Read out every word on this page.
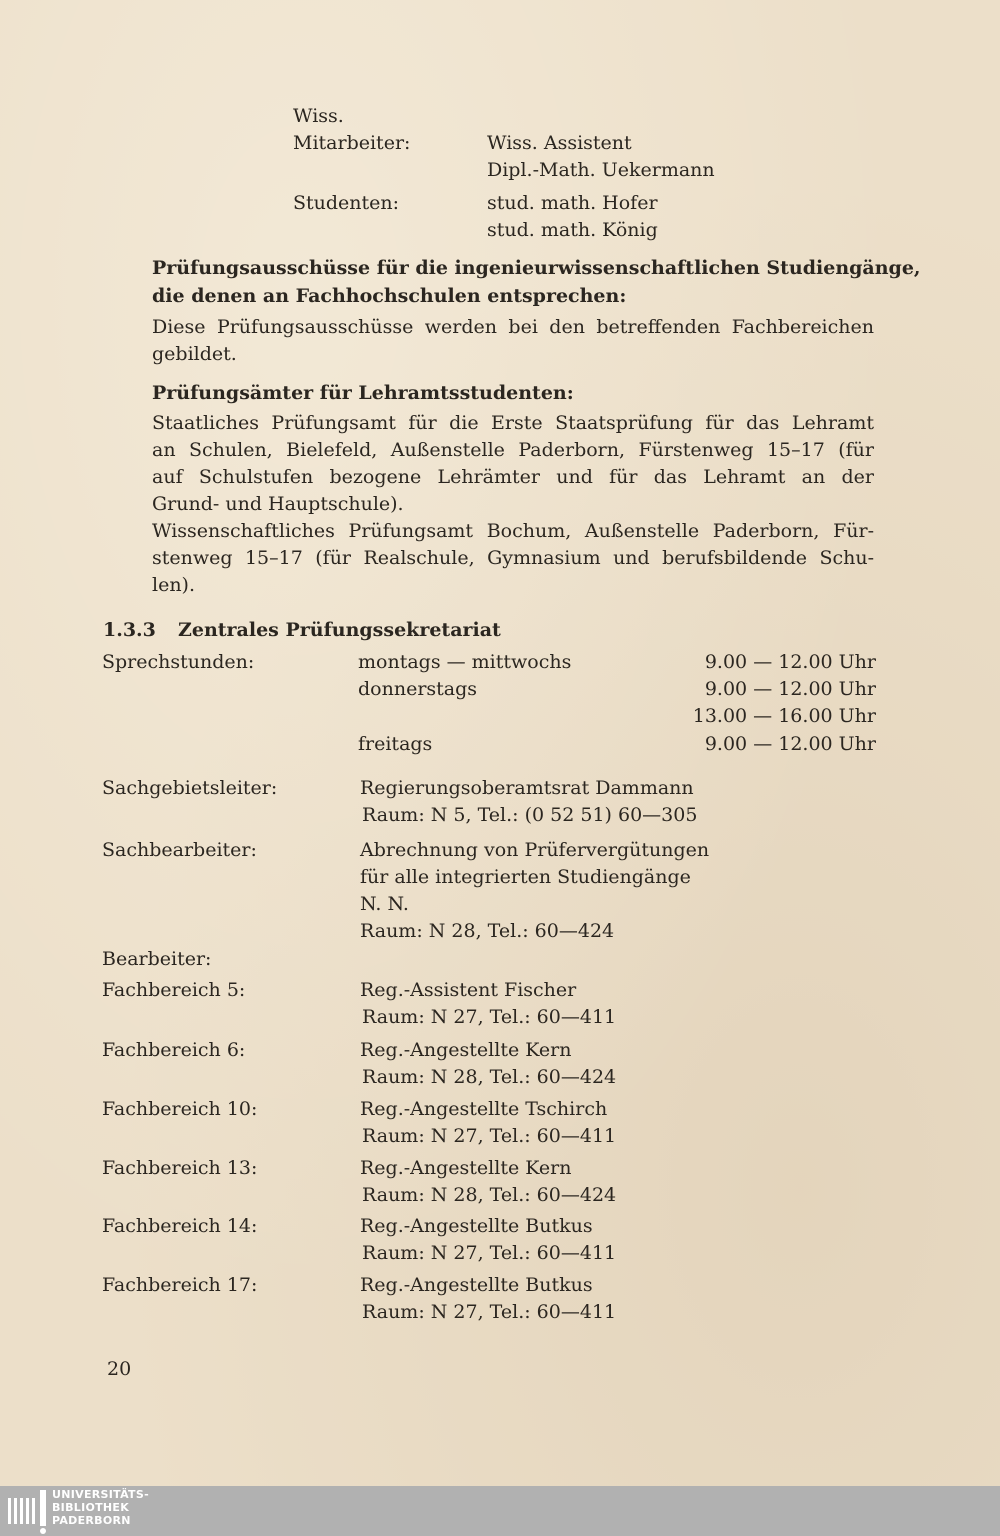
Wiss.
Mitarbeiter:	Wiss. Assistent
Dipl.-Math. Uekermann
Studenten:	stud. math. Hofer
stud. math. König
Prüfungsausschüsse für die ingenieurwissenschaftlichen Studiengänge,
die denen an Fachhochschulen entsprechen:
Diese Prüfungsausschüsse werden bei den betreffenden Fachbereichen
gebildet.
Prüfungsämter für Lehramtsstudenten:
Staatliches Prüfungsamt für die Erste Staatsprüfung für das Lehramt
an Schulen, Bielefeld, Außenstelle Paderborn, Fürstenweg 15–17 (für
auf Schulstufen bezogene Lehrämter und für das Lehramt an der
Grund- und Hauptschule).
Wissenschaftliches Prüfungsamt Bochum, Außenstelle Paderborn, Für-
stenweg 15–17 (für Realschule, Gymnasium und berufsbildende Schu-
len).
1.3.3 Zentrales Prüfungssekretariat
Sprechstunden:	montags — mittwochs	9.00 — 12.00 Uhr
donnerstags	9.00 — 12.00 Uhr
13.00 — 16.00 Uhr
freitags	9.00 — 12.00 Uhr
Sachgebietsleiter:	Regierungsoberamtsrat Dammann
Raum: N 5, Tel.: (0 52 51) 60—305
Sachbearbeiter:	Abrechnung von Prüfervergütungen
für alle integrierten Studiengänge
N. N.
Raum: N 28, Tel.: 60—424
Bearbeiter:
Fachbereich 5:	Reg.-Assistent Fischer
Raum: N 27, Tel.: 60—411
Fachbereich 6:	Reg.-Angestellte Kern
Raum: N 28, Tel.: 60—424
Fachbereich 10:	Reg.-Angestellte Tschirch
Raum: N 27, Tel.: 60—411
Fachbereich 13:	Reg.-Angestellte Kern
Raum: N 28, Tel.: 60—424
Fachbereich 14:	Reg.-Angestellte Butkus
Raum: N 27, Tel.: 60—411
Fachbereich 17:	Reg.-Angestellte Butkus
Raum: N 27, Tel.: 60—411
20
UNIVERSITÄTS-
BIBLIOTHEK
PADERBORN
